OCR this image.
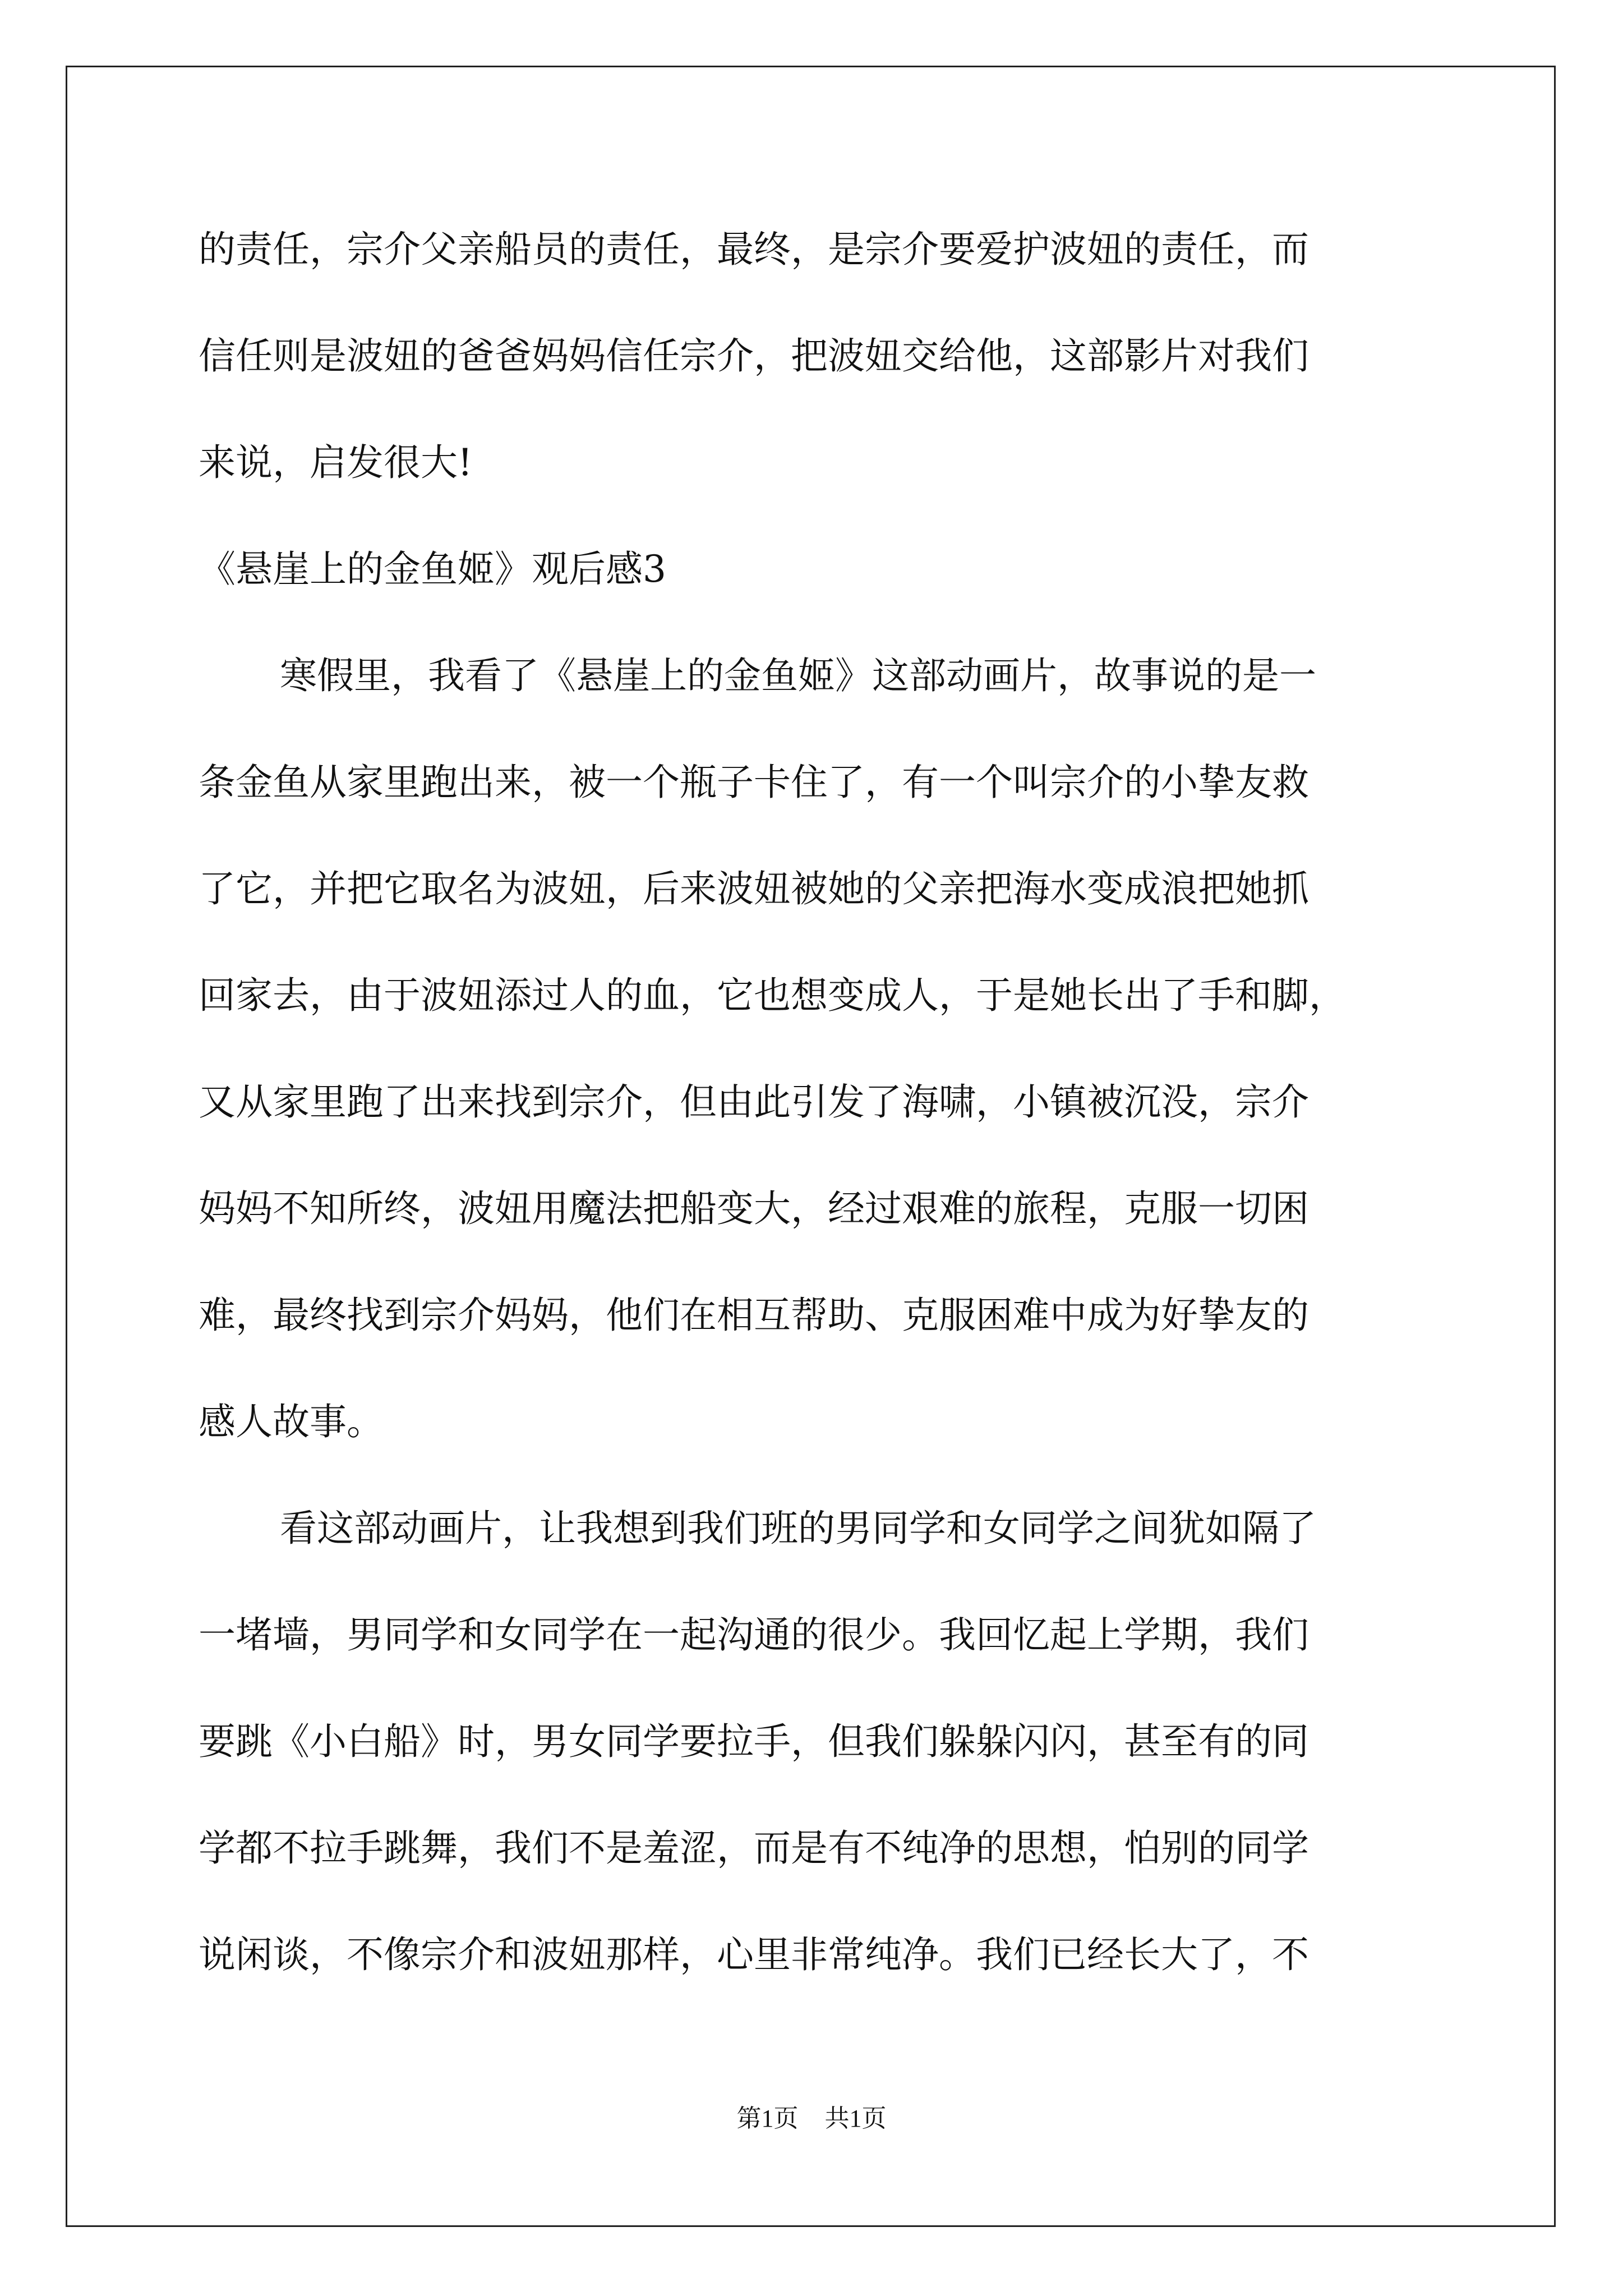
的责任，宗介父亲船员的责任，最终，是宗介要爱护波妞的责任，而
信任则是波妞的爸爸妈妈信任宗介，把波妞交给他，这部影片对我们
来说，启发很大!
《悬崖上的金鱼姬》观后感3
寒假里，我看了《悬崖上的金鱼姬》这部动画片，故事说的是一
条金鱼从家里跑出来，被一个瓶子卡住了，有一个叫宗介的小挚友救
了它，并把它取名为波妞，后来波妞被她的父亲把海水变成浪把她抓
回家去，由于波妞添过人的血，它也想变成人，于是她长出了手和脚，
又从家里跑了出来找到宗介，但由此引发了海啸，小镇被沉没，宗介
妈妈不知所终，波妞用魔法把船变大，经过艰难的旅程，克服一切困
难，最终找到宗介妈妈，他们在相互帮助、克服困难中成为好挚友的
感人故事。
看这部动画片，让我想到我们班的男同学和女同学之间犹如隔了
一堵墙，男同学和女同学在一起沟通的很少。我回忆起上学期，我们
要跳《小白船》时，男女同学要拉手，但我们躲躲闪闪，甚至有的同
学都不拉手跳舞，我们不是羞涩，而是有不纯净的思想，怕别的同学
说闲谈，不像宗介和波妞那样，心里非常纯净。我们已经长大了，不
第1页 共1页
